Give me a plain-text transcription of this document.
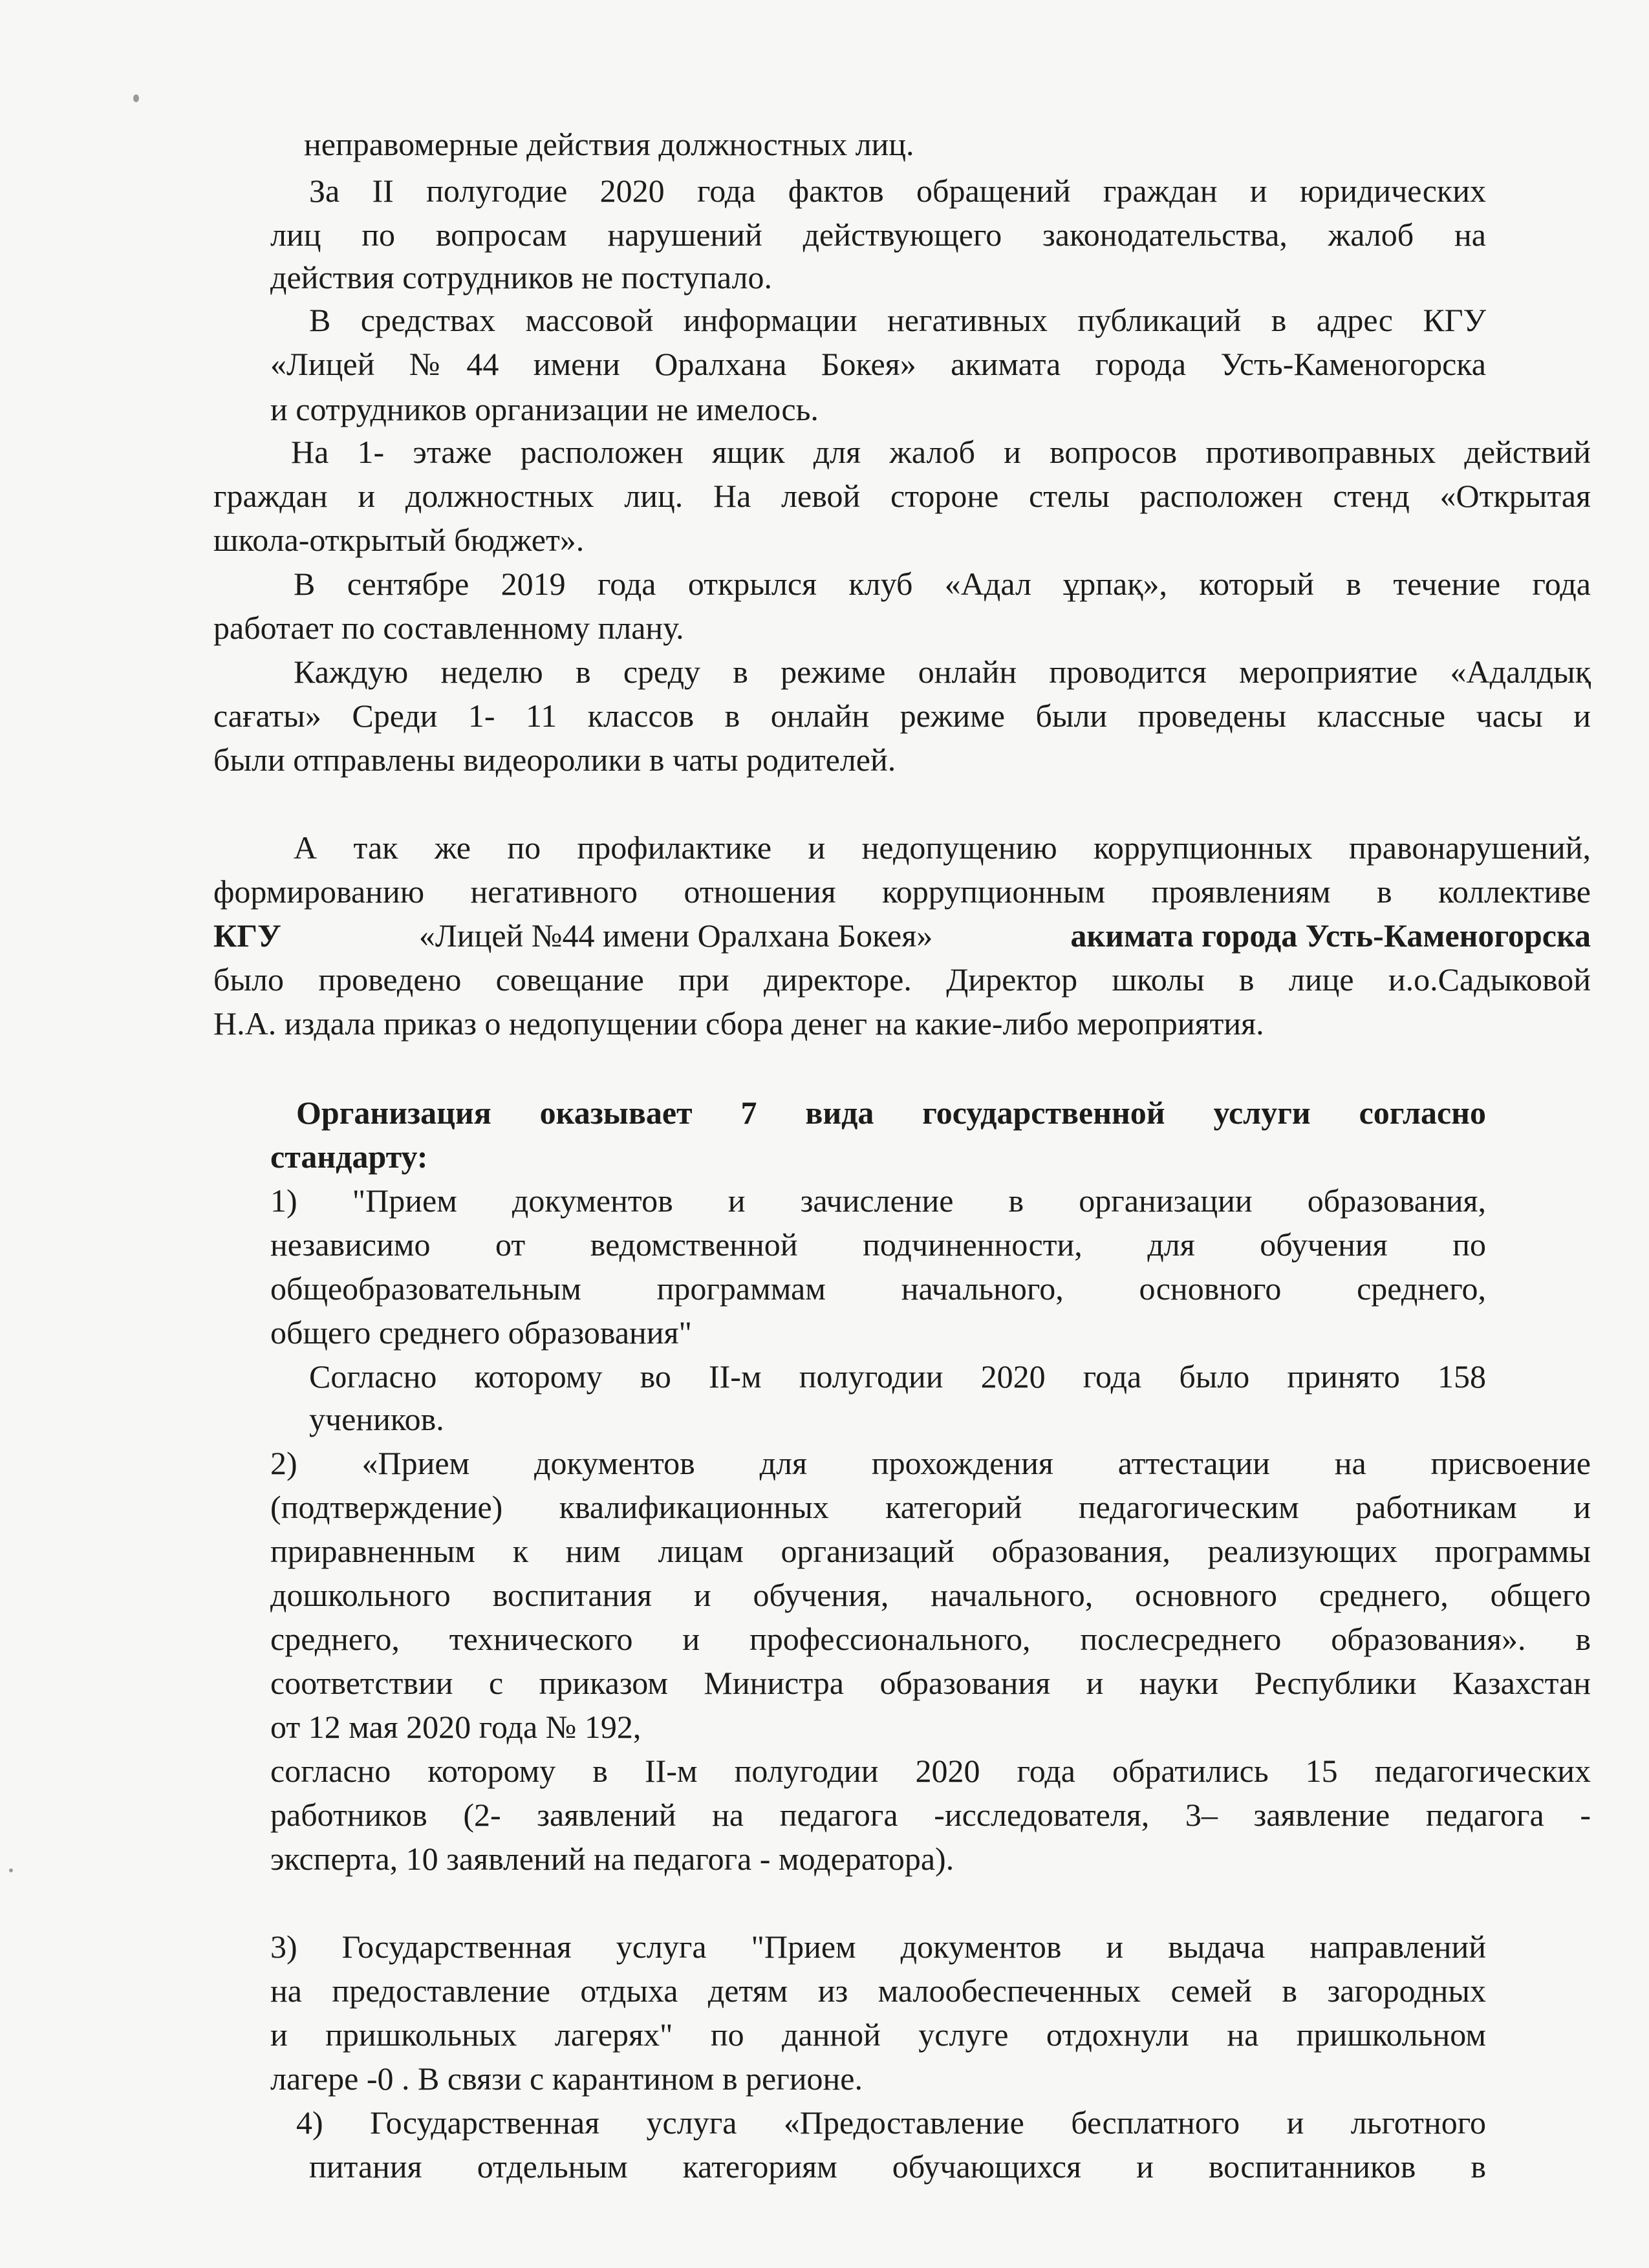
неправомерные действия должностных лиц.

За II полугодие 2020 года фактов обращений граждан и юридических

лиц по вопросам нарушений действующего законодательства, жалоб на

действия сотрудников не поступало.

В средствах массовой информации негативных публикаций в адрес КГУ

«Лицей №44 имени Оралхана Бокея» акимата города Усть-Каменогорска

и сотрудников организации не имелось.

На 1- этаже расположен ящик для жалоб и вопросов противоправных действий

граждан и должностных лиц. На левой стороне стелы расположен стенд «Открытая

школа-открытый бюджет».

В сентябре 2019 года открылся клуб «Адал ұрпақ», который в течение года

работает по составленному плану.

Каждую неделю в среду в режиме онлайн проводится мероприятие «Адалдық

сағаты» Среди 1- 11 классов в онлайн режиме были проведены классные часы и

были отправлены видеоролики в чаты родителей.

А так же по профилактике и недопущению коррупционных правонарушений,

формированию негативного отношения коррупционным проявлениям в коллективе

КГУ	«Лицей №44 имени Оралхана Бокея»	акимата города Усть-Каменогорска

было проведено совещание при директоре. Директор школы в лице и.о.Садыковой

Н.А. издала приказ о недопущении сбора денег на какие-либо мероприятия.

Организация оказывает 7 вида государственной услуги согласно

стандарту:

1) "Прием документов и зачисление в организации образования,

независимо от ведомственной подчиненности, для обучения по

общеобразовательным программам начального, основного среднего,

общего среднего образования"

Согласно которому во II-м полугодии 2020 года было принято 158

учеников.

2) «Прием документов для прохождения аттестации на присвоение

(подтверждение) квалификационных категорий педагогическим работникам и

приравненным к ним лицам организаций образования, реализующих программы

дошкольного воспитания и обучения, начального, основного среднего, общего

среднего, технического и профессионального, послесреднего образования». в

соответствии с приказом Министра образования и науки Республики Казахстан

от 12 мая 2020 года № 192,

согласно которому в II-м полугодии 2020 года обратились 15 педагогических

работников (2- заявлений на педагога -исследователя, 3– заявление педагога -

эксперта, 10 заявлений на педагога - модератора).

3) Государственная услуга "Прием документов и выдача направлений

на предоставление отдыха детям из малообеспеченных семей в загородных

и пришкольных лагерях" по данной услуге отдохнули на пришкольном

лагере -0 . В связи с карантином в регионе.

4) Государственная услуга «Предоставление бесплатного и льготного

питания отдельным категориям обучающихся и воспитанников в
